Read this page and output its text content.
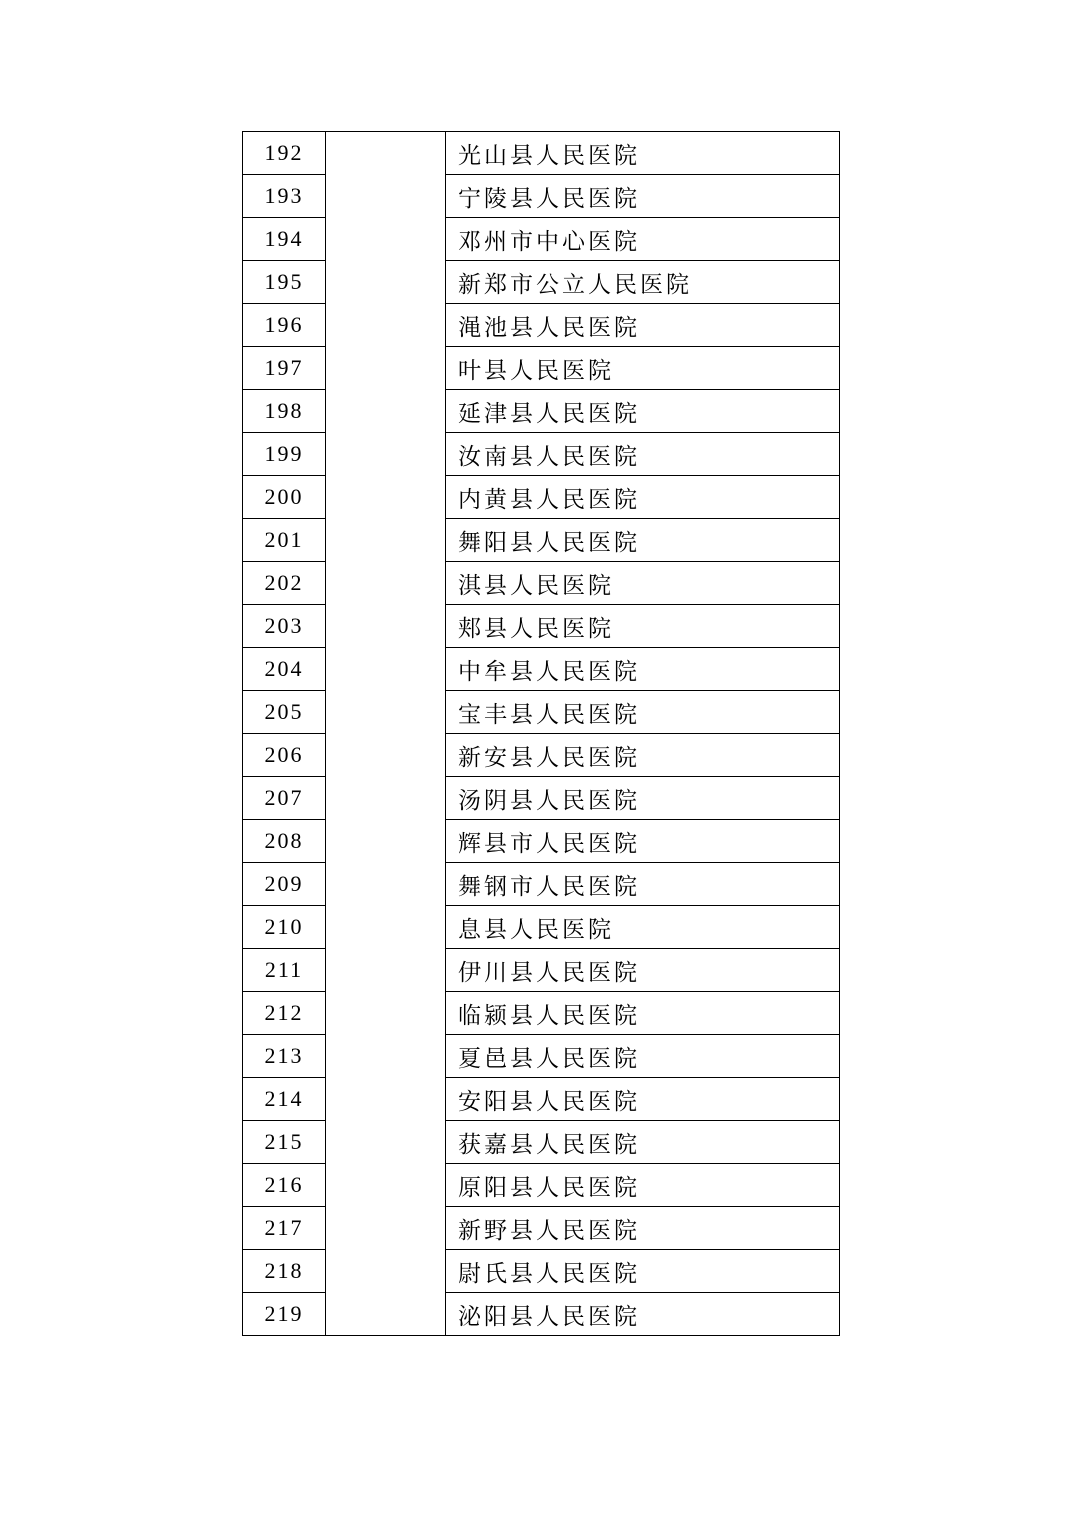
192		光山县人民医院
193		宁陵县人民医院
194		邓州市中心医院
195		新郑市公立人民医院
196		渑池县人民医院
197		叶县人民医院
198		延津县人民医院
199		汝南县人民医院
200		内黄县人民医院
201		舞阳县人民医院
202		淇县人民医院
203		郏县人民医院
204		中牟县人民医院
205		宝丰县人民医院
206		新安县人民医院
207		汤阴县人民医院
208		辉县市人民医院
209		舞钢市人民医院
210		息县人民医院
211		伊川县人民医院
212		临颍县人民医院
213		夏邑县人民医院
214		安阳县人民医院
215		获嘉县人民医院
216		原阳县人民医院
217		新野县人民医院
218		尉氏县人民医院
219		泌阳县人民医院
